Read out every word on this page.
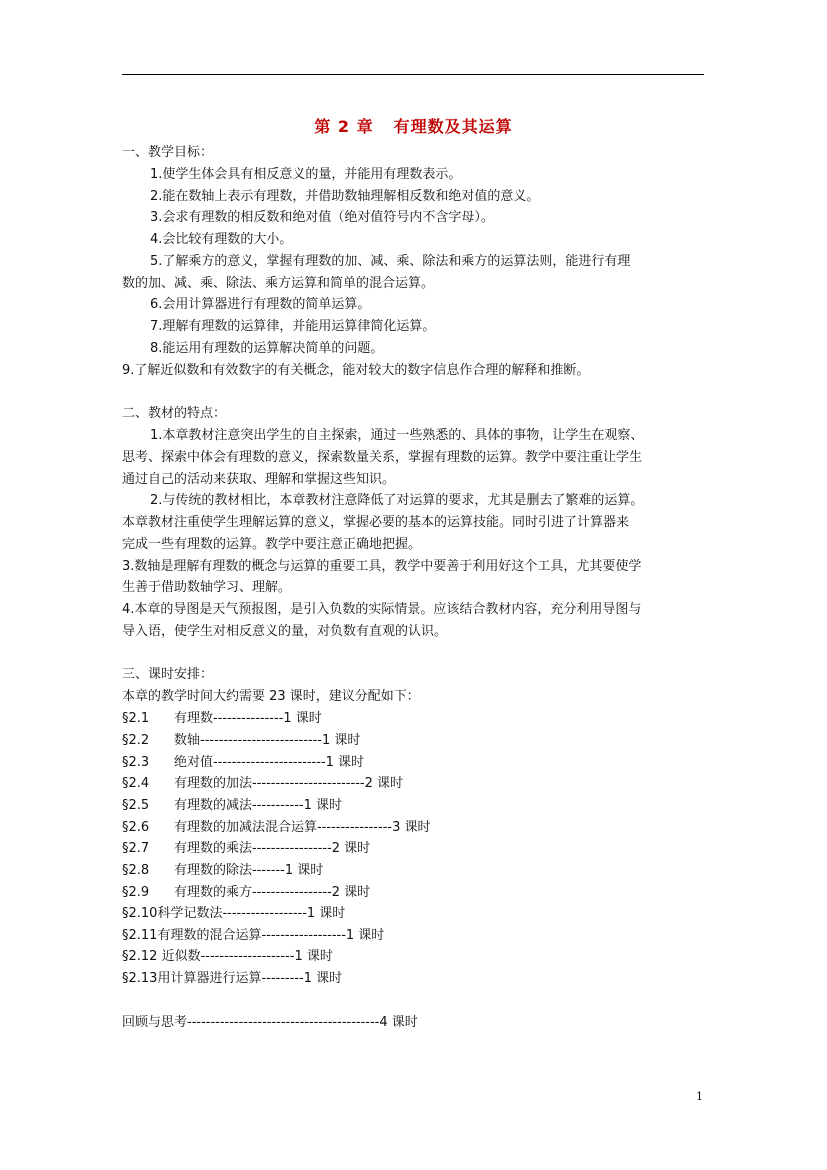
第 2 章 有理数及其运算
一、教学目标：
1.使学生体会具有相反意义的量，并能用有理数表示。
2.能在数轴上表示有理数，并借助数轴理解相反数和绝对值的意义。
3.会求有理数的相反数和绝对值（绝对值符号内不含字母）。
4.会比较有理数的大小。
5.了解乘方的意义，掌握有理数的加、减、乘、除法和乘方的运算法则，能进行有理
数的加、减、乘、除法、乘方运算和简单的混合运算。
6.会用计算器进行有理数的简单运算。
7.理解有理数的运算律，并能用运算律简化运算。
8.能运用有理数的运算解决简单的问题。
9.了解近似数和有效数字的有关概念，能对较大的数字信息作合理的解释和推断。
二、教材的特点：
1.本章教材注意突出学生的自主探索，通过一些熟悉的、具体的事物，让学生在观察、
思考、探索中体会有理数的意义，探索数量关系，掌握有理数的运算。教学中要注重让学生
通过自己的活动来获取、理解和掌握这些知识。
2.与传统的教材相比，本章教材注意降低了对运算的要求，尤其是删去了繁难的运算。
本章教材注重使学生理解运算的意义，掌握必要的基本的运算技能。同时引进了计算器来
完成一些有理数的运算。教学中要注意正确地把握。
3.数轴是理解有理数的概念与运算的重要工具，教学中要善于利用好这个工具，尤其要使学
生善于借助数轴学习、理解。
4.本章的导图是天气预报图，是引入负数的实际情景。应该结合教材内容，充分利用导图与
导入语，使学生对相反意义的量，对负数有直观的认识。
三、课时安排：
本章的教学时间大约需要 23 课时，建议分配如下：
§2.1 有理数---------------1 课时
§2.2 数轴--------------------------1 课时
§2.3 绝对值------------------------1 课时
§2.4 有理数的加法------------------------2 课时
§2.5 有理数的减法-----------1 课时
§2.6 有理数的加减法混合运算----------------3 课时
§2.7 有理数的乘法-----------------2 课时
§2.8 有理数的除法-------1 课时
§2.9 有理数的乘方-----------------2 课时
§2.10科学记数法------------------1 课时
§2.11有理数的混合运算------------------1 课时
§2.12 近似数--------------------1 课时
§2.13用计算器进行运算---------1 课时
回顾与思考-----------------------------------------4 课时
1
